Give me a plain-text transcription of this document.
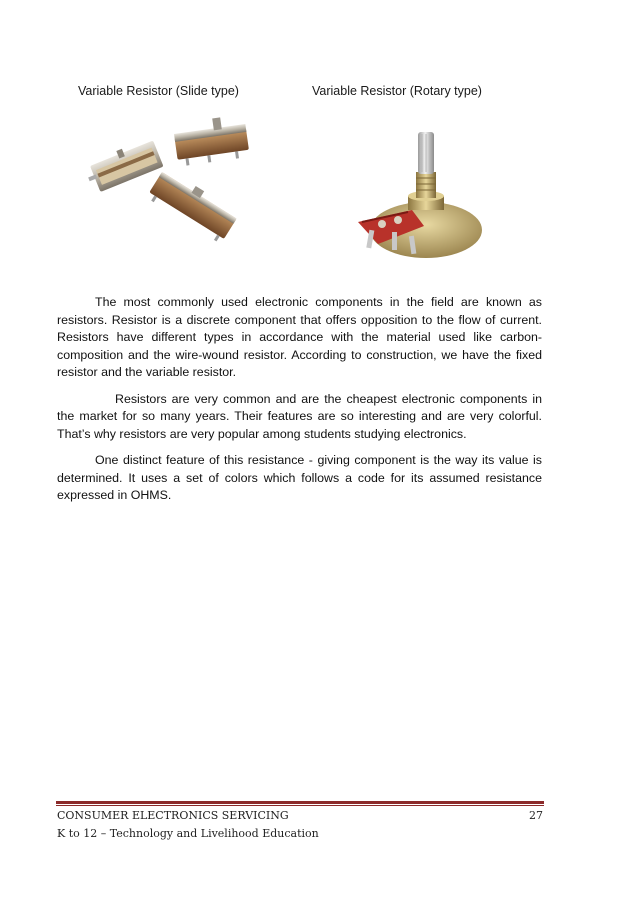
Variable Resistor (Slide type)	Variable Resistor (Rotary type)

The most commonly used electronic components in the field are known as resistors. Resistor is a discrete component that offers opposition to the flow of current. Resistors have different types in accordance with the material used like carbon-composition and the wire-wound resistor. According to construction, we have the fixed resistor and the variable resistor.

Resistors are very common and are the cheapest electronic components in the market for so many years. Their features are so interesting and are very colorful. That’s why resistors are very popular among students studying electronics.

One distinct feature of this resistance - giving component is the way its value is determined. It uses a set of colors which follows a code for its assumed resistance expressed in OHMS.

CONSUMER ELECTRONICS SERVICING	27
K to 12 – Technology and Livelihood Education
